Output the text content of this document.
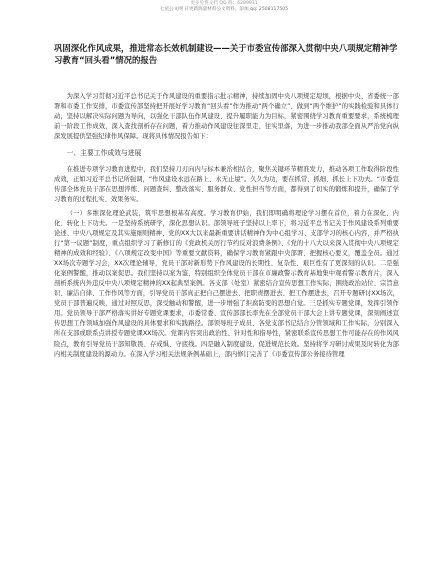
更多免费文档 QQ 群：6289931
七星公文网 日更新海量材料公文资料。添加 qq: 2508117505
巩固深化作风成果，推进常态长效机制建设——关于市委宣传部深入贯彻中央八项规定精神学习教育“回头看”情况的报告

为深入学习贯彻习近平总书记关于作风建设的重要指示批示精神，持续加固中央八项规定堤坝，根据中央、省委统一部署和市委工作安排，市委宣传部坚持把开展好学习教育“回头看”作为推动“两个确立”、做到“两个维护”的实践检验和具体行动，坚持以解决实际问题为导向，以强化干部队伍作风建设、提升履职能力为目标，紧密围绕学习教育重要要求，系统梳理前一阶段工作成效，深入查找剖析存在问题，着力推动作风建设往深里走、往实里落，为进一步推动我部全面从严治党向纵深发展提供坚强纪律作风保障。现将具体情况报告如下：

一、主要工作成效与进展

在推进专项学习教育进程中，我们坚持刀刃向内与标本兼治相结合，聚焦关键环节精准发力，推动各项工作取得阶段性成效，正如习近平总书记所强调，“作风建设永远在路上、永无止境”。久久为功，要在抓常、抓细、抓长上下功夫。“市委宣传部全体党员干部在思想淬炼、问题查纠、整改落实、服务群众、党性担当等方面，都得到了切实的锻炼和提升，确保了学习教育的过程扎实、效果务实。

（一）多维深化理论武装，筑牢思想根基有高度。学习教育伊始，我们即明确将理论学习摆在首位，着力在深化、内化、转化上下功夫。一是坚持系统研学，深化思想认识。部领导班子坚持以上率下，将习近平总书记关于作风建设系列重要论述、中央八项规定及其实施细则精神、党的XX大以来最新重要讲话精神作为中心组学习、支部学习的核心内容，并严格执行“第一议题”制度，重点组织学习了新修订的《党政机关厉行节约反对浪费条例》、《党的十八大以来深入贯彻中央八项规定精神的成效和经验》、《八项规定改变中国》等重要文献资料，确保学习教育紧跟中央部署、把握核心要义，覆盖全员。通过XX场次专题学习会，XX次理论辅导，党员干部对新形势下作风建设的长期性、复杂性、艰巨性有了更深刻的认识。二是强化案例警醒，推动以案促思。我们坚持以案为鉴，特别组织全体党员干部在市廉政警示教育基地集中观看警示教育片，深入剖析系统内外违反中央八项规定精神的XX起典型案例。各支部（处室）紧密结合宣传思想工作实际，围绕政治站位、宗旨意识、廉洁自律、工作作风等方面，引导党员干部真正把自己摆进去、把职责摆进去、把工作摆进去，召开专题研讨XX场次，党员干部普遍反映，通过对照反思，深受触动和警醒，进一步增强了拒腐防变的思想自觉。三是抓实专题党课，发挥引领作用。党员领导干部严格落实讲好专题党课要求，市委常委、宣传部部长率先在全部党员干部大会上讲专题党课，深刻阐述宣传思想工作领域加强作风建设的具体要求和实践路径。部领导班子成员、各党支部书记结合分管领域和工作实际，分别深入所在支部或联系点讲授专题党课XX场次。党课内容突出政治性、针对性和指导性，紧密联系宣传思想工作可能存在的作风风险点，教育引导党员干部知敬畏、存戒惧、守底线。四是融入制度建设，促进规范长效。坚持将学习研讨成果及时转化为部内相关制度建设的源动力。在深入学习相关法规条例基础上，部内修订完善了《市委宣传部公务接待管理
